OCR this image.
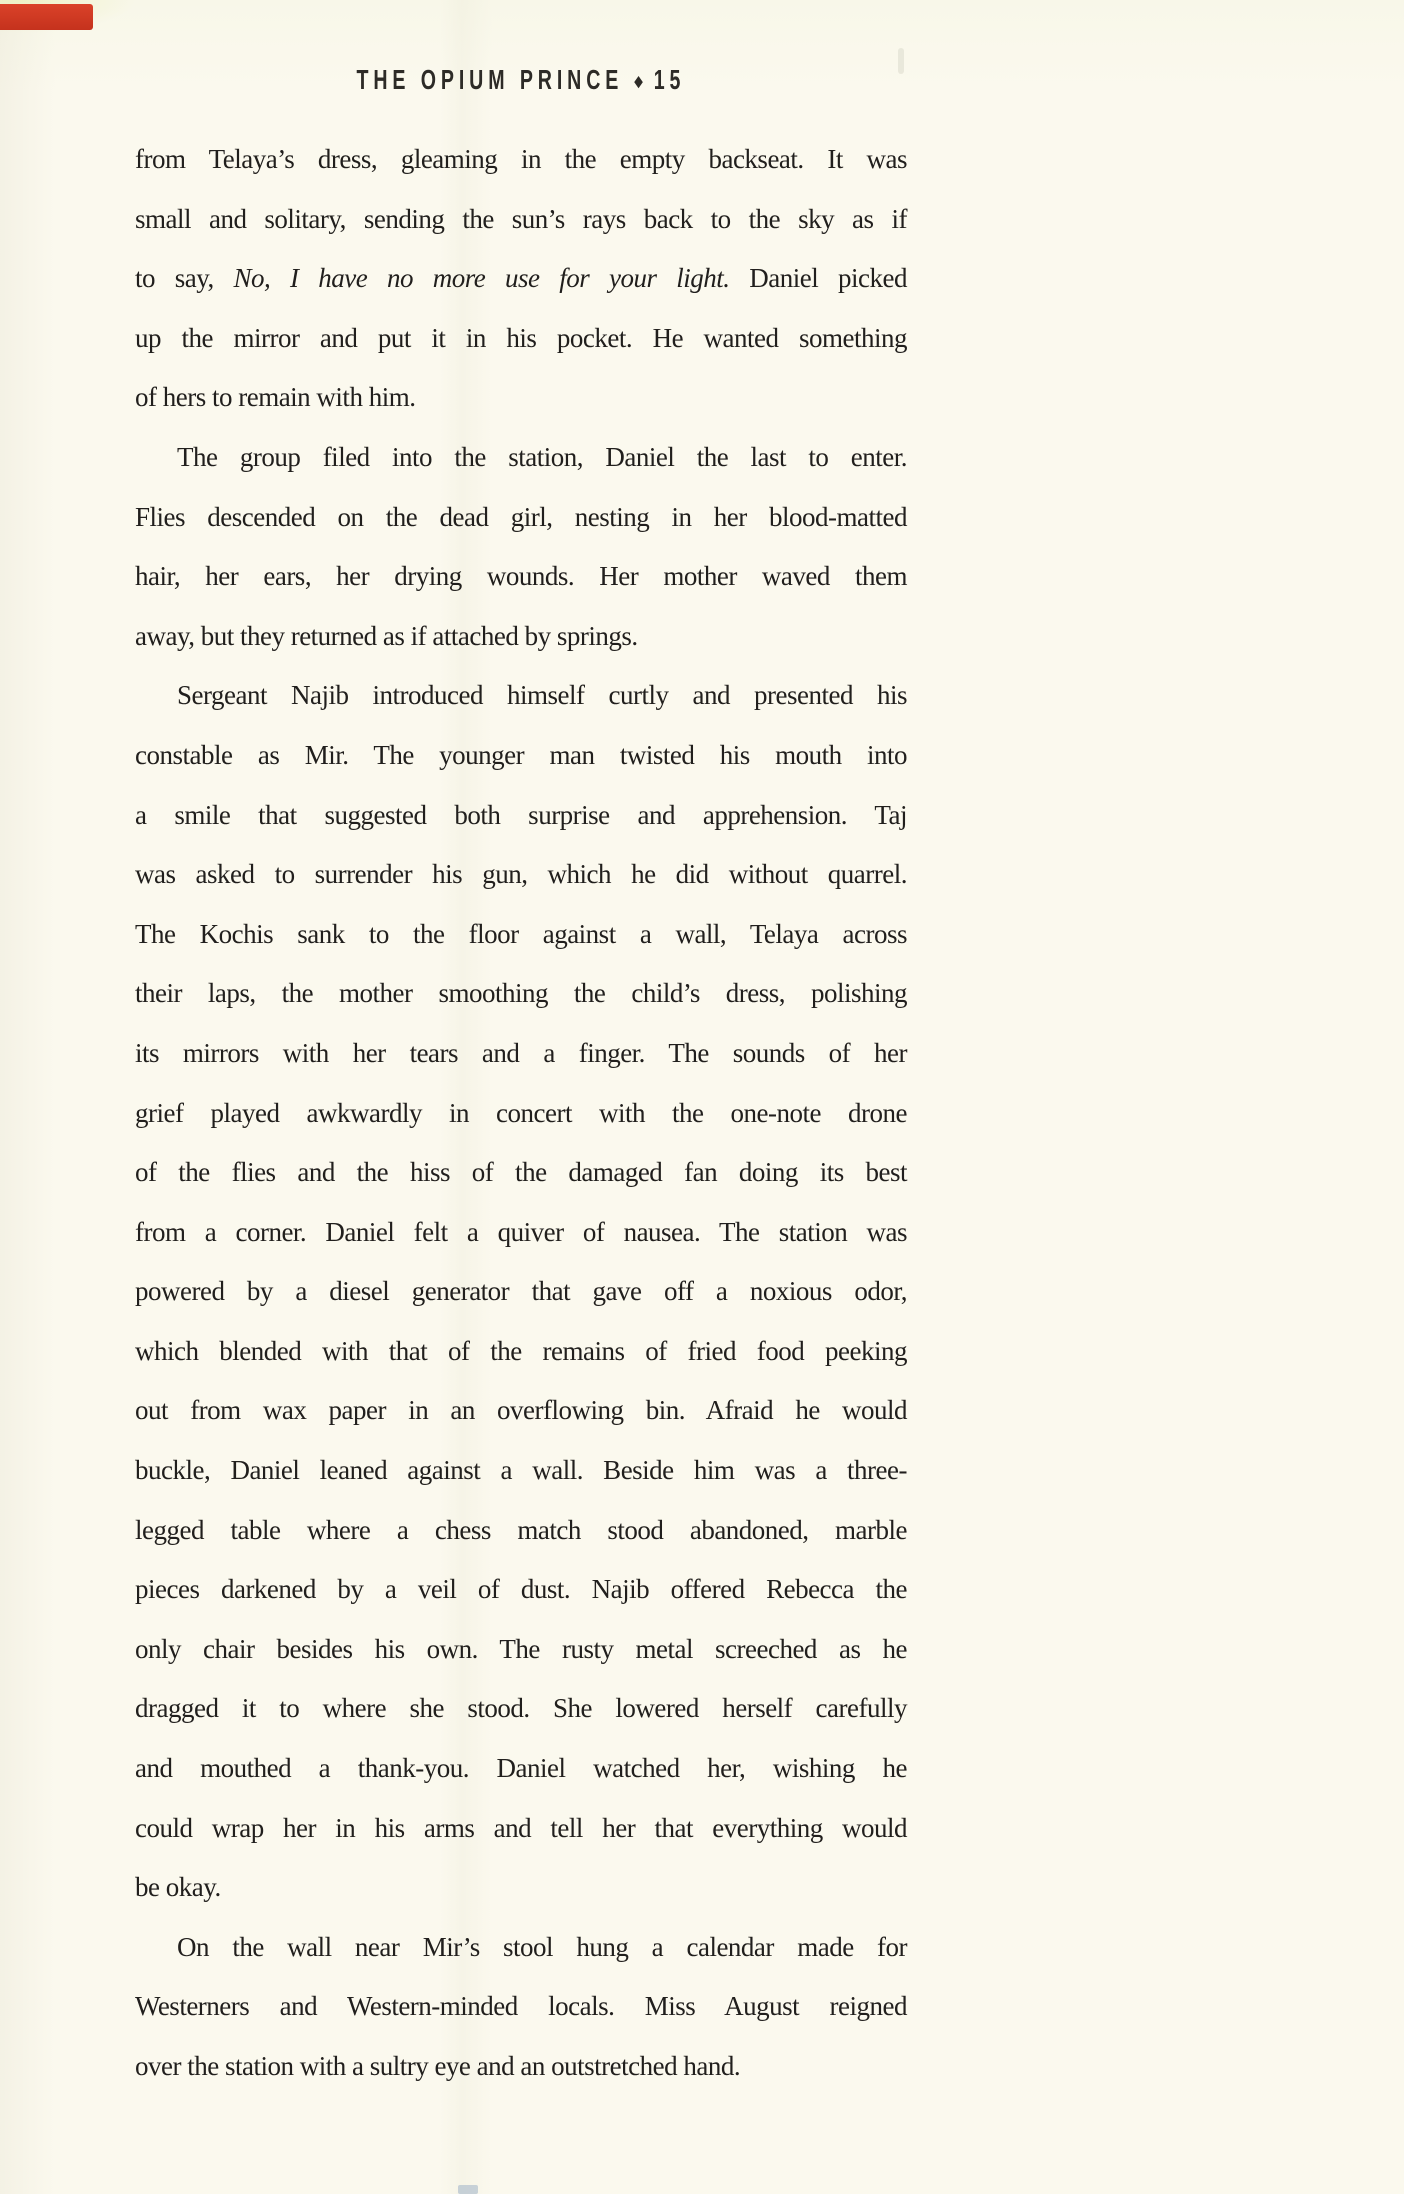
THE OPIUM PRINCE ◆ 15

from Telaya’s dress, gleaming in the empty backseat. It was
small and solitary, sending the sun’s rays back to the sky as if
to say, No, I have no more use for your light. Daniel picked
up the mirror and put it in his pocket. He wanted something
of hers to remain with him.

The group filed into the station, Daniel the last to enter.
Flies descended on the dead girl, nesting in her blood-matted
hair, her ears, her drying wounds. Her mother waved them
away, but they returned as if attached by springs.

Sergeant Najib introduced himself curtly and presented his
constable as Mir. The younger man twisted his mouth into
a smile that suggested both surprise and apprehension. Taj
was asked to surrender his gun, which he did without quarrel.
The Kochis sank to the floor against a wall, Telaya across
their laps, the mother smoothing the child’s dress, polishing
its mirrors with her tears and a finger. The sounds of her
grief played awkwardly in concert with the one-note drone
of the flies and the hiss of the damaged fan doing its best
from a corner. Daniel felt a quiver of nausea. The station was
powered by a diesel generator that gave off a noxious odor,
which blended with that of the remains of fried food peeking
out from wax paper in an overflowing bin. Afraid he would
buckle, Daniel leaned against a wall. Beside him was a three-
legged table where a chess match stood abandoned, marble
pieces darkened by a veil of dust. Najib offered Rebecca the
only chair besides his own. The rusty metal screeched as he
dragged it to where she stood. She lowered herself carefully
and mouthed a thank-you. Daniel watched her, wishing he
could wrap her in his arms and tell her that everything would
be okay.

On the wall near Mir’s stool hung a calendar made for
Westerners and Western-minded locals. Miss August reigned
over the station with a sultry eye and an outstretched hand.
